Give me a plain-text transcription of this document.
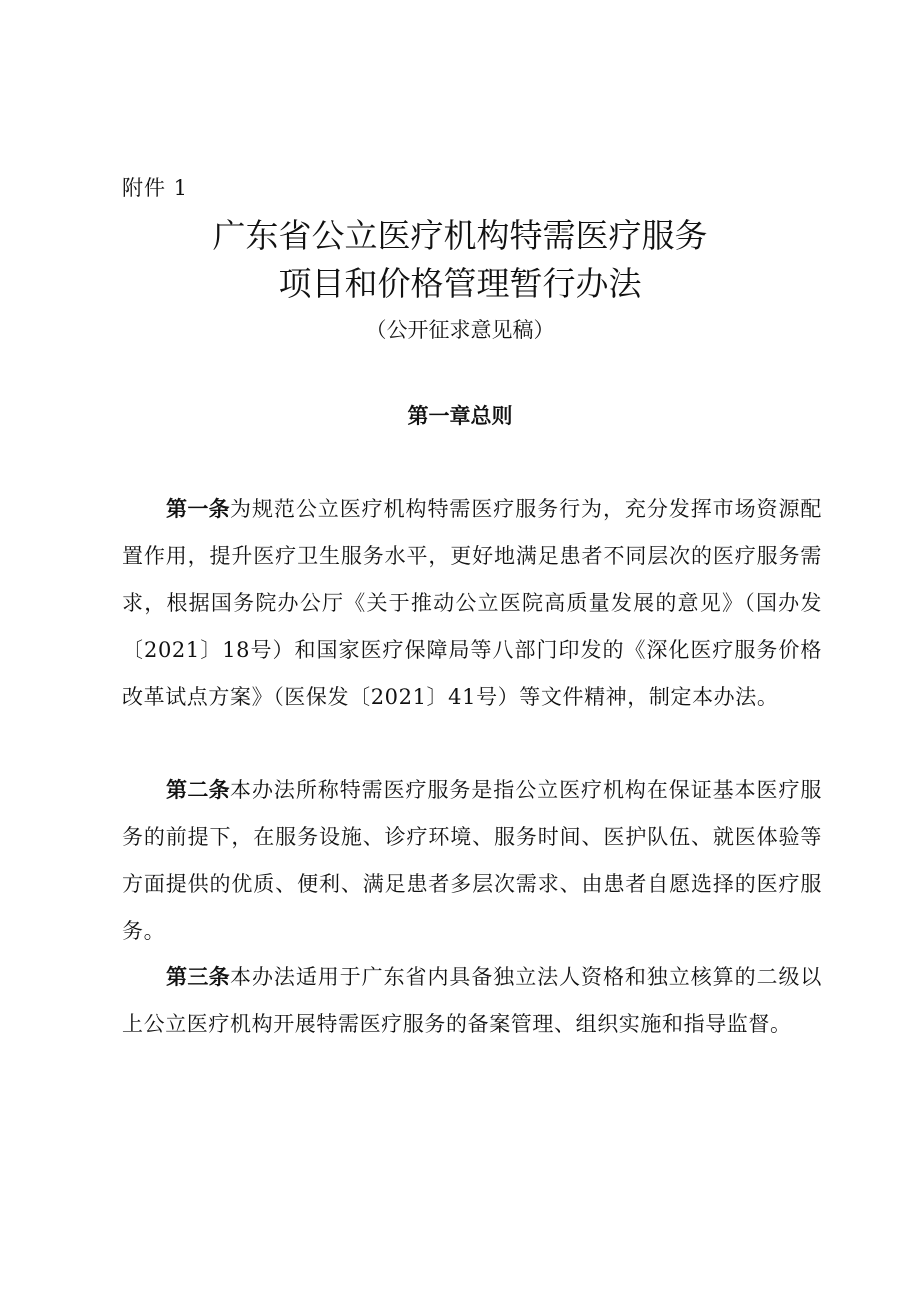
附件 1
广东省公立医疗机构特需医疗服务
项目和价格管理暂行办法
（公开征求意见稿）
第一章总则

第一条为规范公立医疗机构特需医疗服务行为，充分发挥市场资源配置作用，提升医疗卫生服务水平，更好地满足患者不同层次的医疗服务需求，根据国务院办公厅《关于推动公立医院高质量发展的意见》（国办发〔2021〕18号）和国家医疗保障局等八部门印发的《深化医疗服务价格改革试点方案》（医保发〔2021〕41号）等文件精神，制定本办法。

第二条本办法所称特需医疗服务是指公立医疗机构在保证基本医疗服务的前提下，在服务设施、诊疗环境、服务时间、医护队伍、就医体验等方面提供的优质、便利、满足患者多层次需求、由患者自愿选择的医疗服务。

第三条本办法适用于广东省内具备独立法人资格和独立核算的二级以上公立医疗机构开展特需医疗服务的备案管理、组织实施和指导监督。
